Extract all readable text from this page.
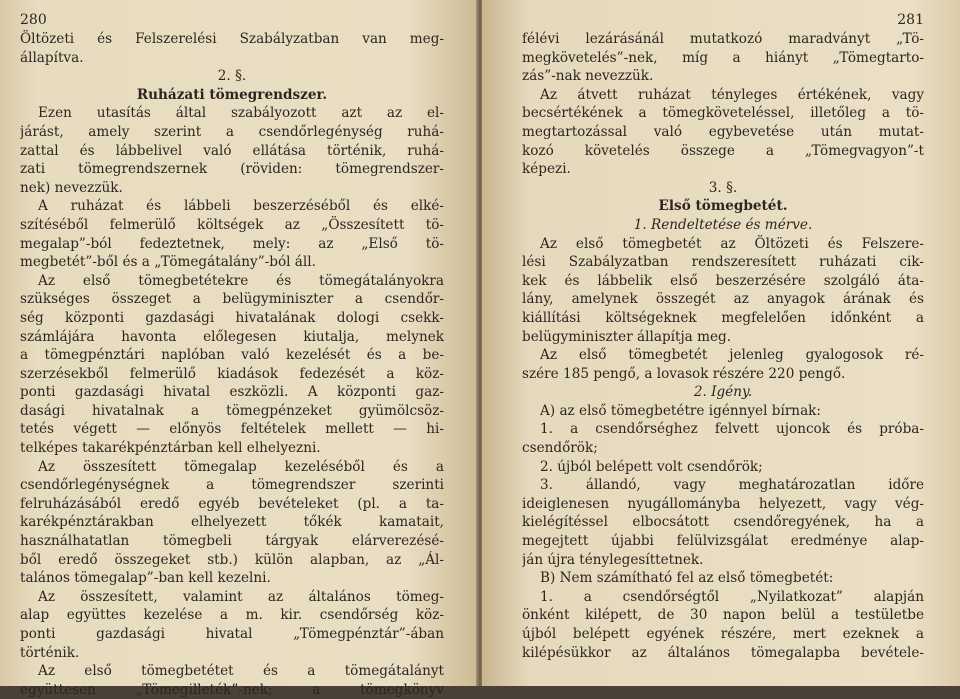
280
Öltözeti és Felszerelési Szabályzatban van meg-
állapítva.
2. §.
Ruházati tömegrendszer.
Ezen utasítás által szabályozott azt az el-
járást, amely szerint a csendőrlegénység ruhá-
zattal és lábbelivel való ellátása történik, ruhá-
zati tömegrendszernek (röviden: tömegrendszer-
nek) nevezzük.
A ruházat és lábbeli beszerzéséből és elké-
szítéséből felmerülő költségek az „Összesített tö-
megalap”-ból fedeztetnek, mely: az „Első tö-
megbetét”-ből és a „Tömegátalány”-ból áll.
Az első tömegbetétekre és tömegátalányokra
szükséges összeget a belügyminiszter a csendőr-
ség központi gazdasági hivatalának dologi csekk-
számlájára havonta előlegesen kiutalja, melynek
a tömegpénztári naplóban való kezelését és a be-
szerzésekből felmerülő kiadások fedezését a köz-
ponti gazdasági hivatal eszközli. A központi gaz-
dasági hivatalnak a tömegpénzeket gyümölcsöz-
tetés végett — előnyös feltételek mellett — hi-
telképes takarékpénztárban kell elhelyezni.
Az összesített tömegalap kezeléséből és a
csendőrlegénységnek a tömegrendszer szerinti
felruházásából eredő egyéb bevételeket (pl. a ta-
karékpénztárakban elhelyezett tőkék kamatait,
használhatatlan tömegbeli tárgyak elárverezésé-
ből eredő összegeket stb.) külön alapban, az „Ál-
talános tömegalap”-ban kell kezelni.
Az összesített, valamint az általános tömeg-
alap együttes kezelése a m. kir. csendőrség köz-
ponti gazdasági hivatal „Tömegpénztár”-ában
történik.
Az első tömegbetétet és a tömegátalányt
együttesen „Tömegilleték”-nek; a tömegkönyv
281
félévi lezárásánál mutatkozó maradványt „Tö-
megkövetelés”-nek, míg a hiányt „Tömegtarto-
zás”-nak nevezzük.
Az átvett ruházat tényleges értékének, vagy
becsértékének a tömegköveteléssel, illetőleg a tö-
megtartozással való egybevetése után mutat-
kozó követelés összege a „Tömegvagyon”-t
képezi.
3. §.
Első tömegbetét.
1. Rendeltetése és mérve.
Az első tömegbetét az Öltözeti és Felszere-
lési Szabályzatban rendszeresített ruházati cik-
kek és lábbelik első beszerzésére szolgáló áta-
lány, amelynek összegét az anyagok árának és
kiállítási költségeknek megfelelően időnként a
belügyminiszter állapítja meg.
Az első tömegbetét jelenleg gyalogosok ré-
szére 185 pengő, a lovasok részére 220 pengő.
2. Igény.
A) az első tömegbetétre igénnyel bírnak:
1. a csendőrséghez felvett ujoncok és próba-
csendőrök;
2. újból belépett volt csendőrök;
3. állandó, vagy meghatározatlan időre
ideiglenesen nyugállományba helyezett, vagy vég-
kielégítéssel elbocsátott csendőregyének, ha a
megejtett újabbi felülvizsgálat eredménye alap-
ján újra ténylegesíttetnek.
B) Nem számítható fel az első tömegbetét:
1. a csendőrségtől „Nyilatkozat” alapján
önként kilépett, de 30 napon belül a testületbe
újból belépett egyének részére, mert ezeknek a
kilépésükkor az általános tömegalapba bevétele-
